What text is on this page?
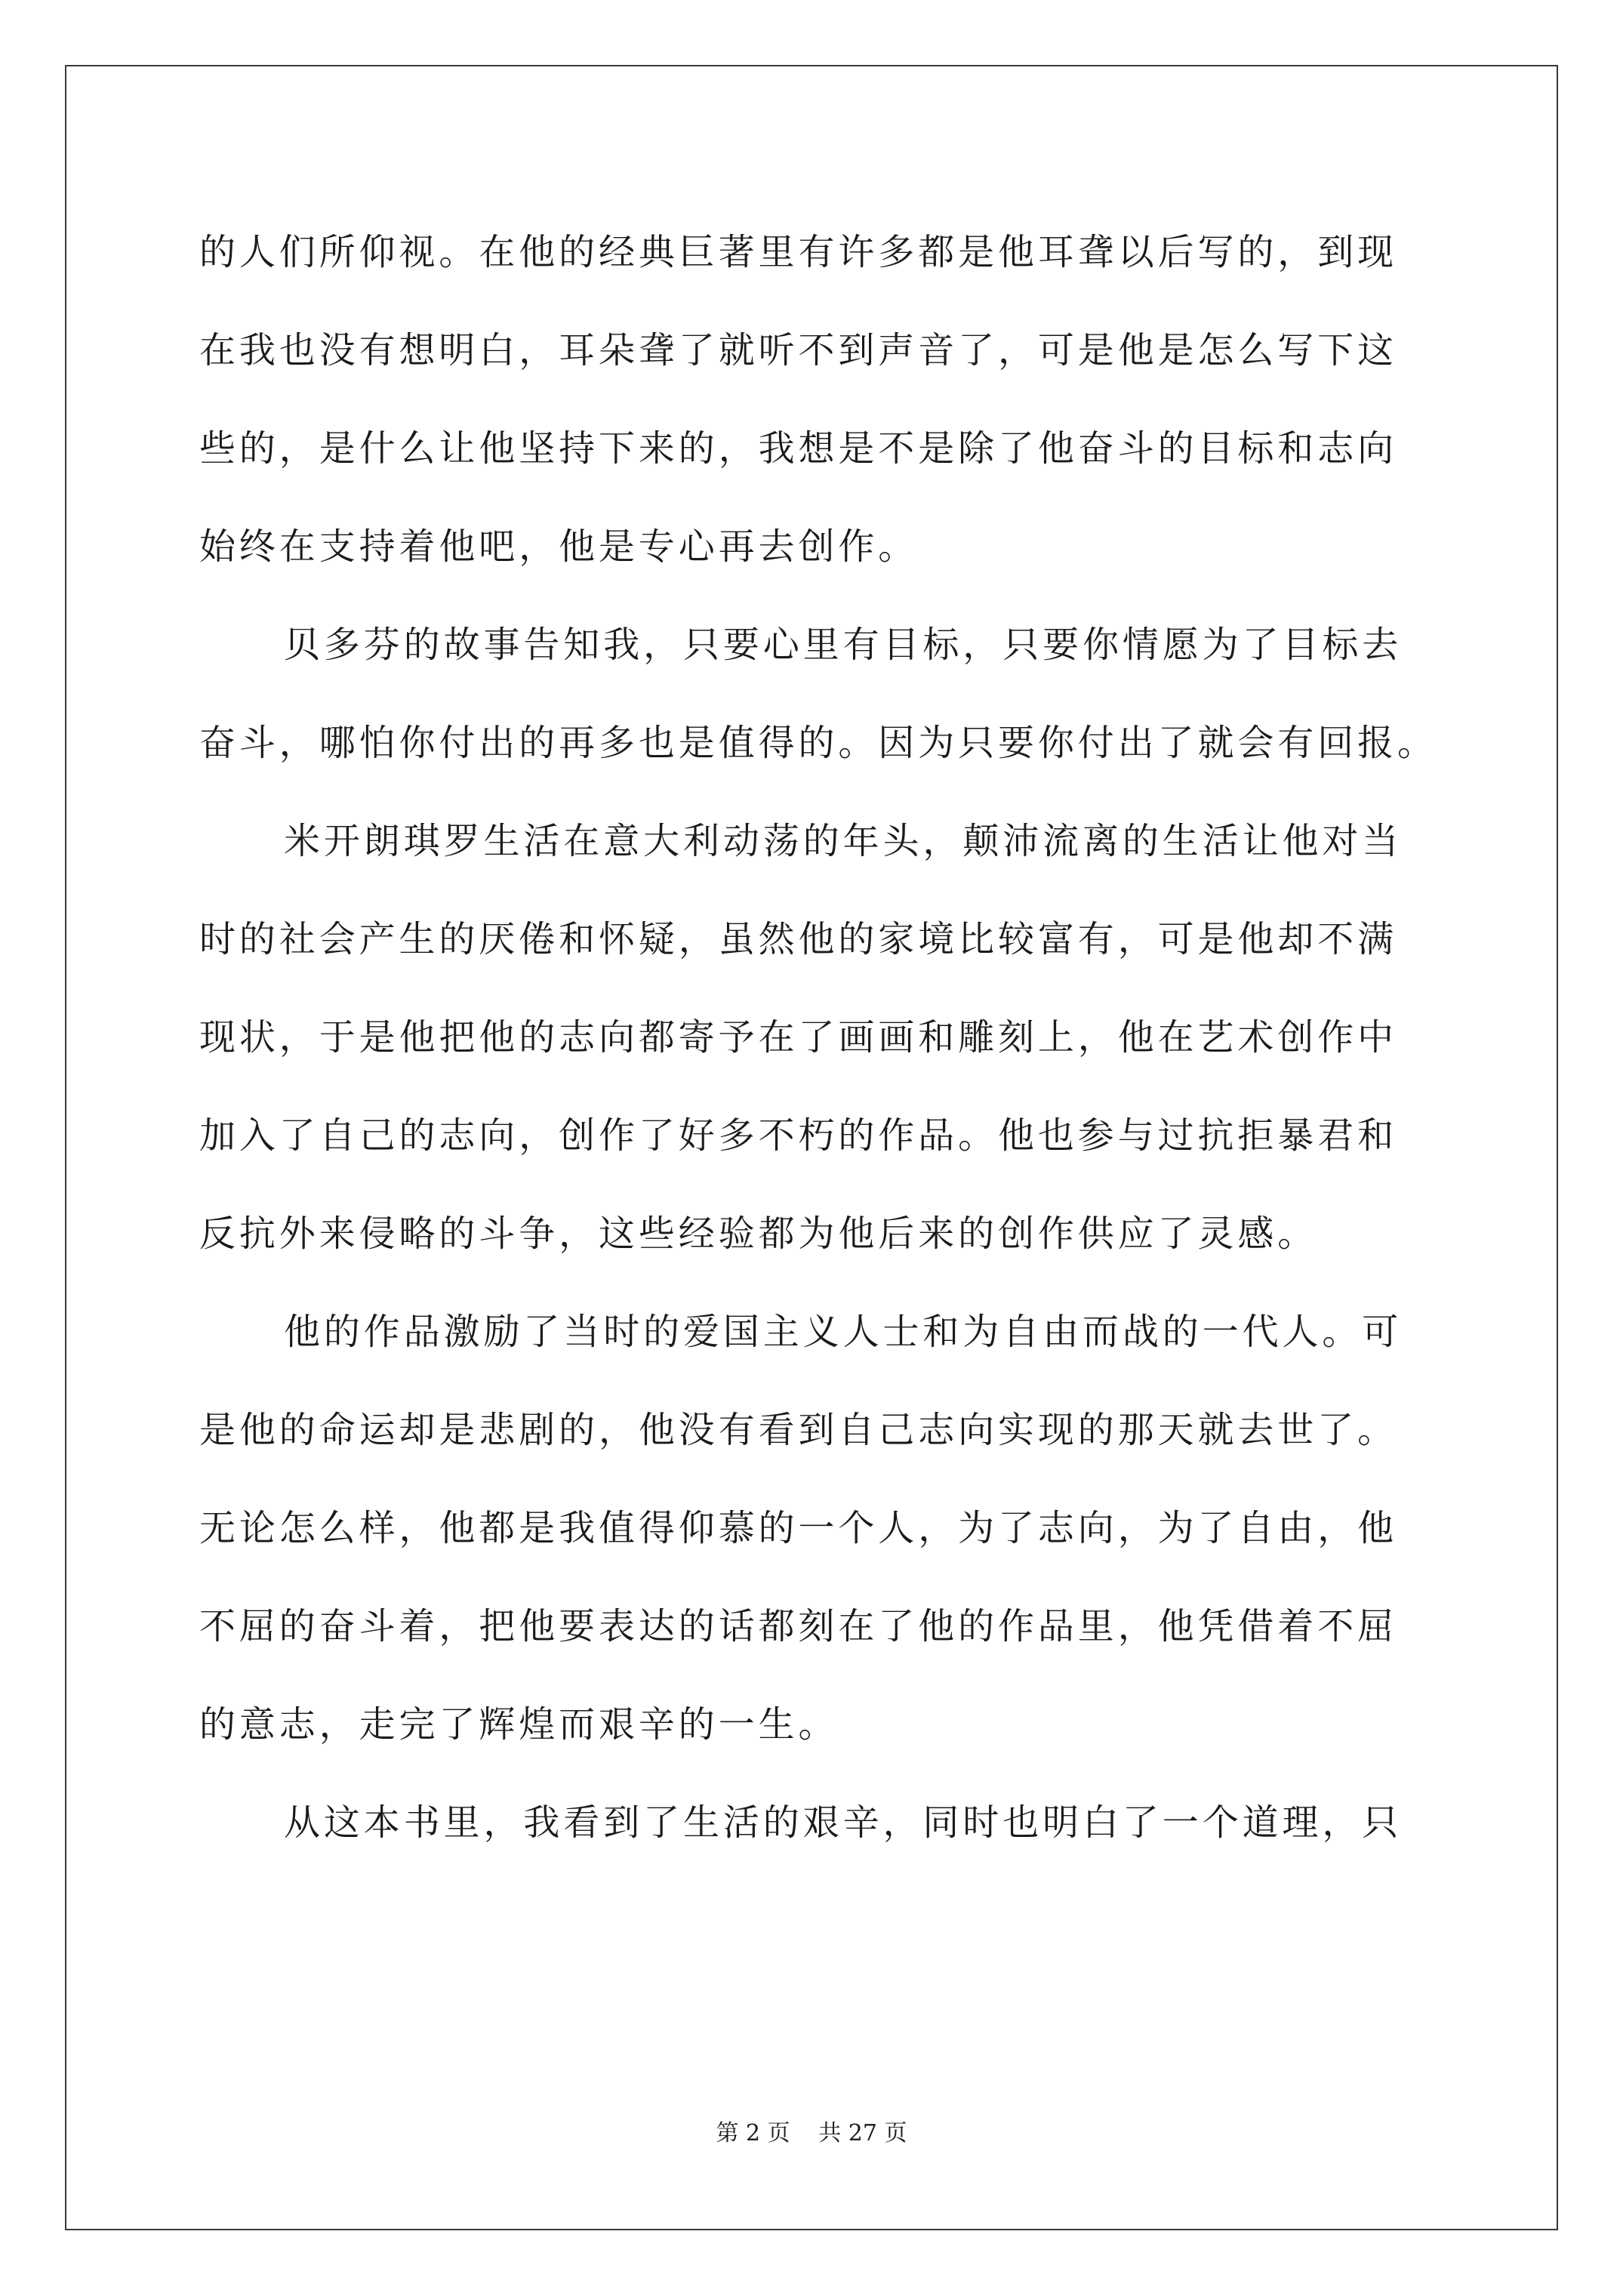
的人们所仰视。在他的经典巨著里有许多都是他耳聋以后写的，到现
在我也没有想明白，耳朵聋了就听不到声音了，可是他是怎么写下这
些的，是什么让他坚持下来的，我想是不是除了他奋斗的目标和志向
始终在支持着他吧，他是专心再去创作。
贝多芬的故事告知我，只要心里有目标，只要你情愿为了目标去
奋斗，哪怕你付出的再多也是值得的。因为只要你付出了就会有回报。
米开朗琪罗生活在意大利动荡的年头，颠沛流离的生活让他对当
时的社会产生的厌倦和怀疑，虽然他的家境比较富有，可是他却不满
现状，于是他把他的志向都寄予在了画画和雕刻上，他在艺术创作中
加入了自己的志向，创作了好多不朽的作品。他也参与过抗拒暴君和
反抗外来侵略的斗争，这些经验都为他后来的创作供应了灵感。
他的作品激励了当时的爱国主义人士和为自由而战的一代人。可
是他的命运却是悲剧的，他没有看到自己志向实现的那天就去世了。
无论怎么样，他都是我值得仰慕的一个人，为了志向，为了自由，他
不屈的奋斗着，把他要表达的话都刻在了他的作品里，他凭借着不屈
的意志，走完了辉煌而艰辛的一生。
从这本书里，我看到了生活的艰辛，同时也明白了一个道理，只
第 2 页 共 27 页
